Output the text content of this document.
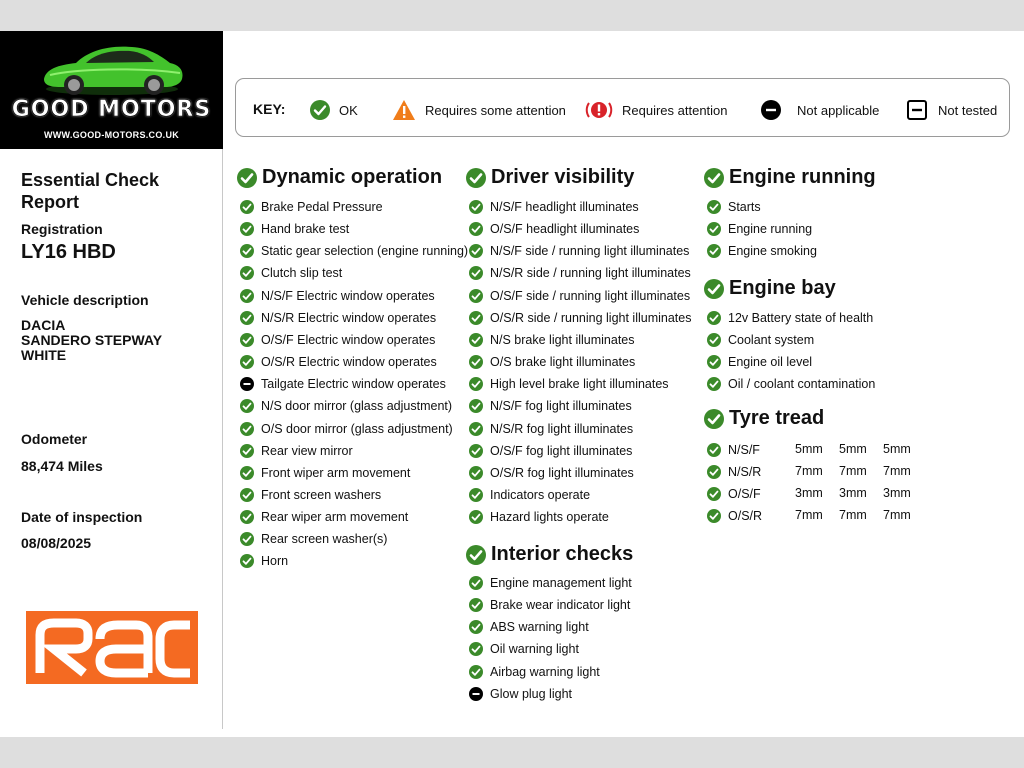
GOOD MOTORS
WWW.GOOD-MOTORS.CO.UK
Essential Check Report
Registration
LY16 HBD
Vehicle description
DACIA
SANDERO STEPWAY
WHITE
Odometer
88,474 Miles
Date of inspection
08/08/2025
KEY:	OK	Requires some attention	Requires attention	Not applicable	Not tested
Dynamic operation
Brake Pedal Pressure
Hand brake test
Static gear selection (engine running)
Clutch slip test
N/S/F Electric window operates
N/S/R Electric window operates
O/S/F Electric window operates
O/S/R Electric window operates
Tailgate Electric window operates
N/S door mirror (glass adjustment)
O/S door mirror (glass adjustment)
Rear view mirror
Front wiper arm movement
Front screen washers
Rear wiper arm movement
Rear screen washer(s)
Horn
Driver visibility
N/S/F headlight illuminates
O/S/F headlight illuminates
N/S/F side / running light illuminates
N/S/R side / running light illuminates
O/S/F side / running light illuminates
O/S/R side / running light illuminates
N/S brake light illuminates
O/S brake light illuminates
High level brake light illuminates
N/S/F fog light illuminates
N/S/R fog light illuminates
O/S/F fog light illuminates
O/S/R fog light illuminates
Indicators operate
Hazard lights operate
Interior checks
Engine management light
Brake wear indicator light
ABS warning light
Oil warning light
Airbag warning light
Glow plug light
Engine running
Starts
Engine running
Engine smoking
Engine bay
12v Battery state of health
Coolant system
Engine oil level
Oil / coolant contamination
Tyre tread
N/S/F	5mm 5mm 5mm
N/S/R	7mm 7mm 7mm
O/S/F	3mm 3mm 3mm
O/S/R	7mm 7mm 7mm
